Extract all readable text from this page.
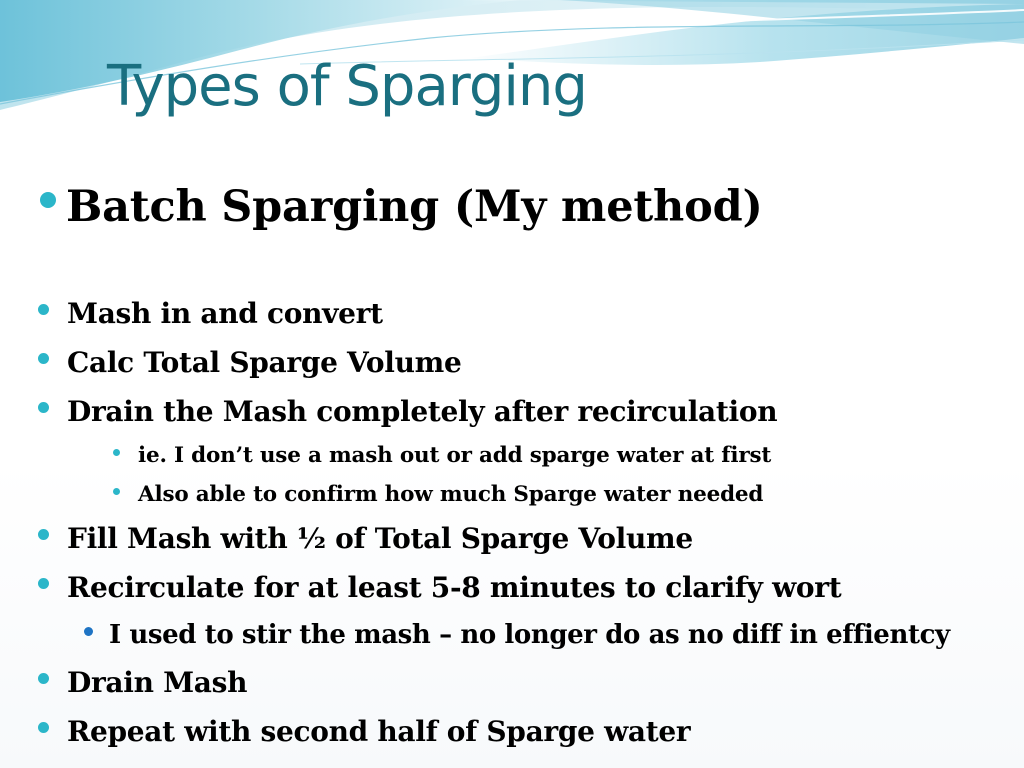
Types of Sparging
Batch Sparging (My method)
Mash in and convert
Calc Total Sparge Volume
Drain the Mash completely after recirculation
ie. I don’t use a mash out or add sparge water at first
Also able to confirm how much Sparge water needed
Fill Mash with ½ of Total Sparge Volume
Recirculate for at least 5-8 minutes to clarify wort
I used to stir the mash – no longer do as no diff in effientcy
Drain Mash
Repeat with second half of Sparge water
